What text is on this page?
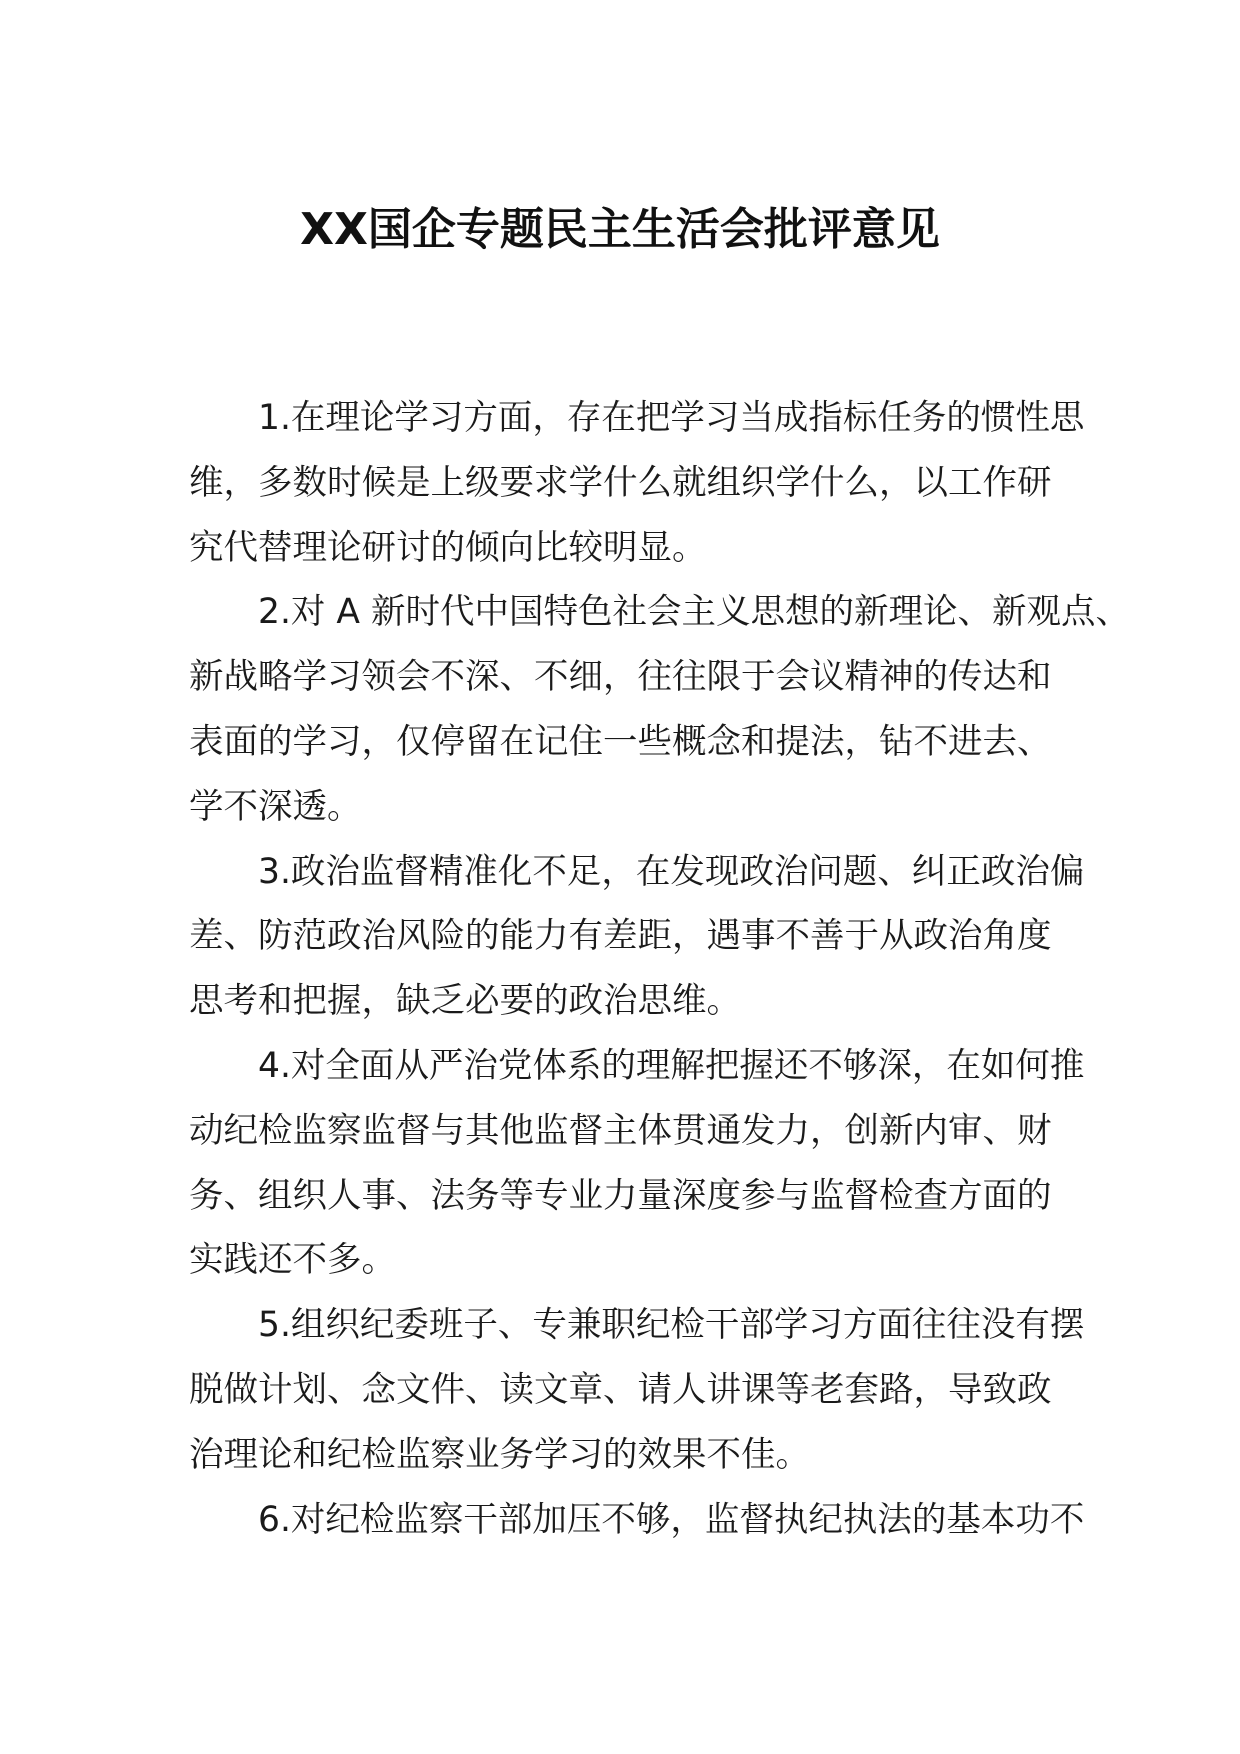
XX国企专题民主生活会批评意见
1.在理论学习方面，存在把学习当成指标任务的惯性思
维，多数时候是上级要求学什么就组织学什么，以工作研
究代替理论研讨的倾向比较明显。
2.对 A 新时代中国特色社会主义思想的新理论、新观点、
新战略学习领会不深、不细，往往限于会议精神的传达和
表面的学习，仅停留在记住一些概念和提法，钻不进去、
学不深透。
3.政治监督精准化不足，在发现政治问题、纠正政治偏
差、防范政治风险的能力有差距，遇事不善于从政治角度
思考和把握，缺乏必要的政治思维。
4.对全面从严治党体系的理解把握还不够深，在如何推
动纪检监察监督与其他监督主体贯通发力，创新内审、财
务、组织人事、法务等专业力量深度参与监督检查方面的
实践还不多。
5.组织纪委班子、专兼职纪检干部学习方面往往没有摆
脱做计划、念文件、读文章、请人讲课等老套路，导致政
治理论和纪检监察业务学习的效果不佳。
6.对纪检监察干部加压不够，监督执纪执法的基本功不
